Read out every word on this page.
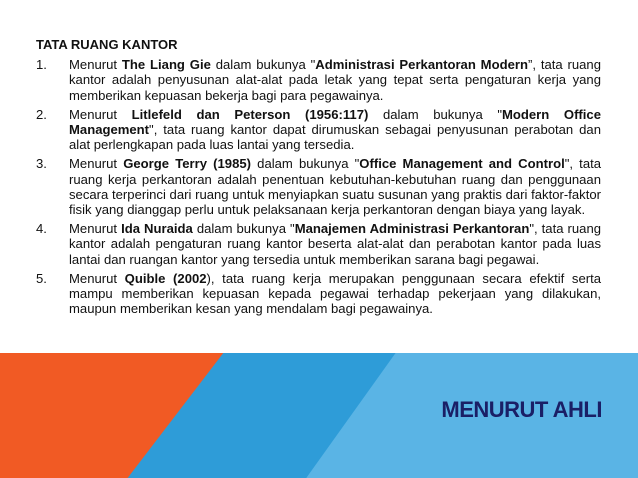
TATA RUANG KANTOR
1. Menurut The Liang Gie dalam bukunya "Administrasi Perkantoran Modern”, tata ruang kantor adalah penyusunan alat-alat pada letak yang tepat serta pengaturan kerja yang memberikan kepuasan bekerja bagi para pegawainya.
2. Menurut Litlefeld dan Peterson (1956:117) dalam bukunya "Modern Office Management", tata ruang kantor dapat dirumuskan sebagai penyusunan perabotan dan alat perlengkapan pada luas lantai yang tersedia.
3. Menurut George Terry (1985) dalam bukunya "Office Management and Control", tata ruang kerja perkantoran adalah penentuan kebutuhan-kebutuhan ruang dan penggunaan secara terperinci dari ruang untuk menyiapkan suatu susunan yang praktis dari faktor-faktor fisik yang dianggap perlu untuk pelaksanaan kerja perkantoran dengan biaya yang layak.
4. Menurut Ida Nuraida dalam bukunya "Manajemen Administrasi Perkantoran", tata ruang kantor adalah pengaturan ruang kantor beserta alat-alat dan perabotan kantor pada luas lantai dan ruangan kantor yang tersedia untuk memberikan sarana bagi pegawai.
5. Menurut Quible (2002), tata ruang kerja merupakan penggunaan secara efektif serta mampu memberikan kepuasan kepada pegawai terhadap pekerjaan yang dilakukan, maupun memberikan kesan yang mendalam bagi pegawainya.
MENURUT AHLI
